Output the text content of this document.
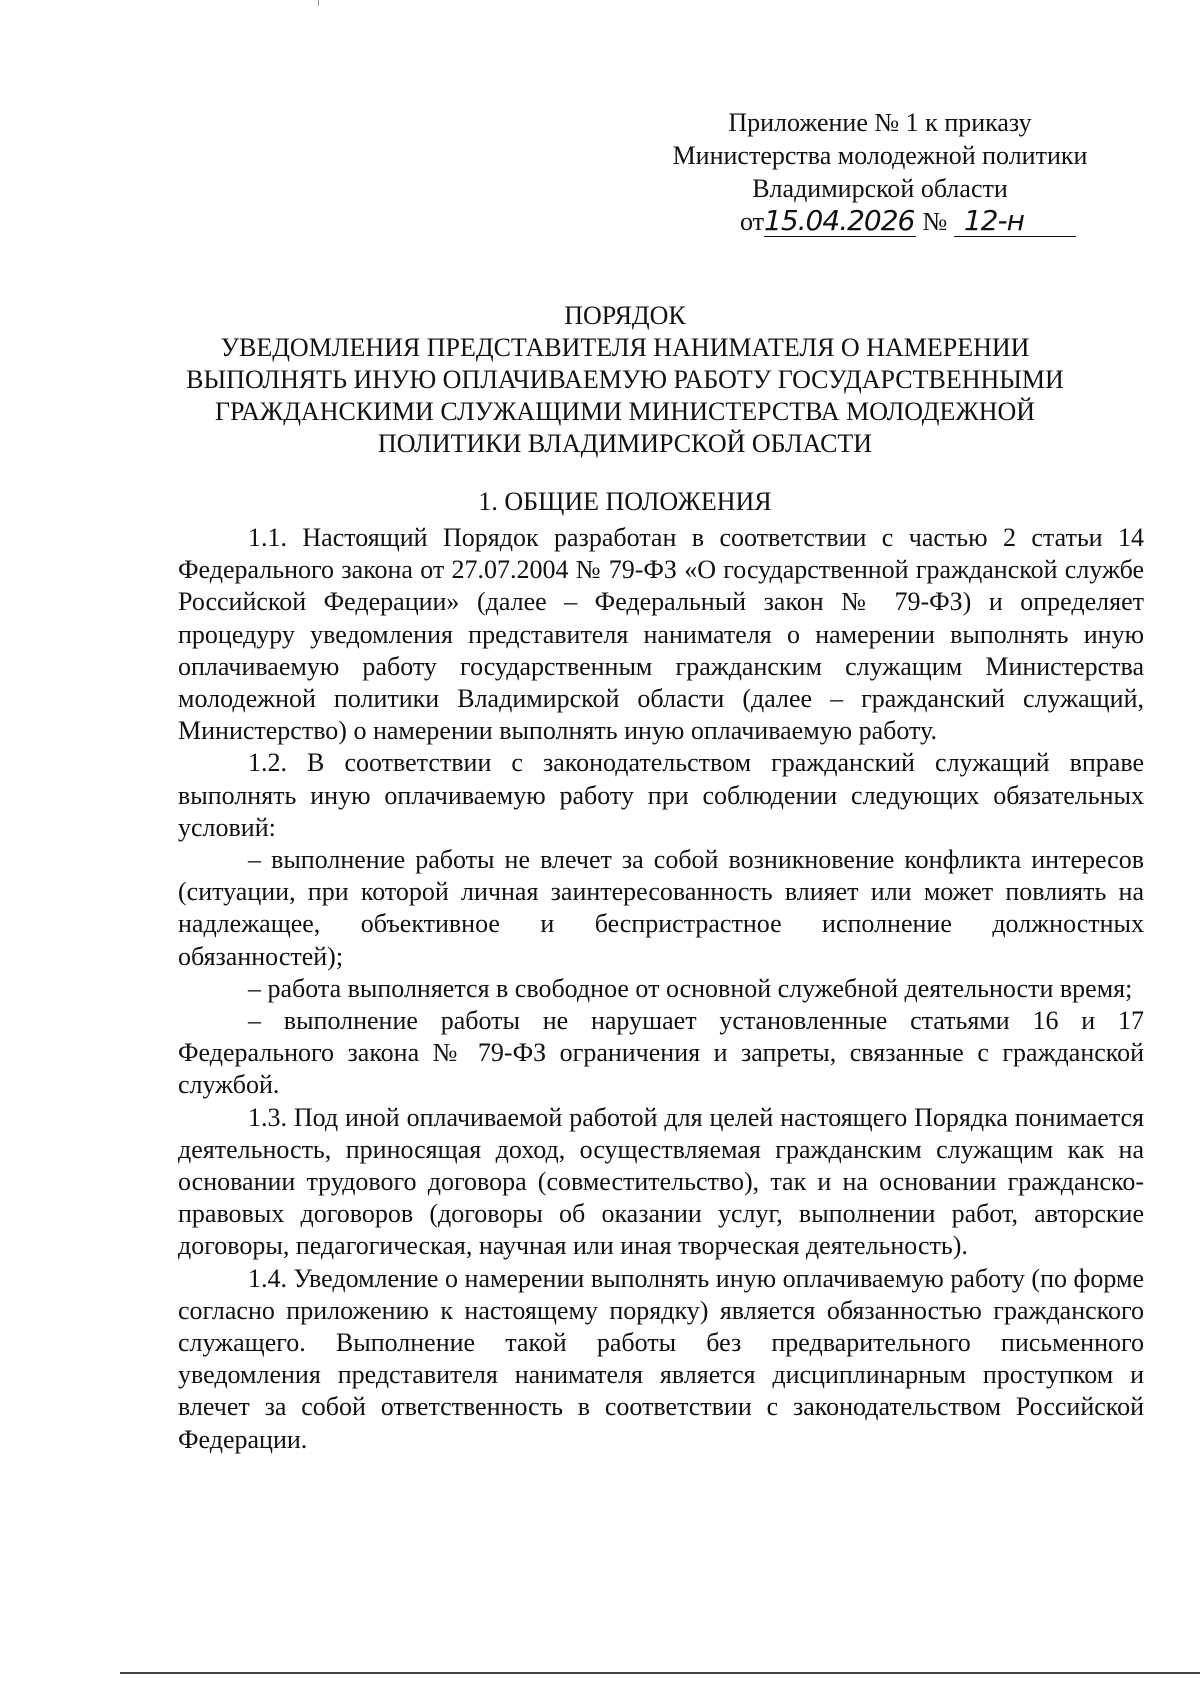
Приложение № 1 к приказу
Министерства молодежной политики
Владимирской области
от15.04.2026 № 12-н
ПОРЯДОК
УВЕДОМЛЕНИЯ ПРЕДСТАВИТЕЛЯ НАНИМАТЕЛЯ О НАМЕРЕНИИ
ВЫПОЛНЯТЬ ИНУЮ ОПЛАЧИВАЕМУЮ РАБОТУ ГОСУДАРСТВЕННЫМИ
ГРАЖДАНСКИМИ СЛУЖАЩИМИ МИНИСТЕРСТВА МОЛОДЕЖНОЙ
ПОЛИТИКИ ВЛАДИМИРСКОЙ ОБЛАСТИ
1. ОБЩИЕ ПОЛОЖЕНИЯ

1.1. Настоящий Порядок разработан в соответствии с частью 2 статьи 14 Федерального закона от 27.07.2004 № 79-ФЗ «О государственной гражданской службе Российской Федерации» (далее – Федеральный закон № 79-ФЗ) и определяет процедуру уведомления представителя нанимателя о намерении выполнять иную оплачиваемую работу государственным гражданским служащим Министерства молодежной политики Владимирской области (далее – гражданский служащий, Министерство) о намерении выполнять иную оплачиваемую работу.

1.2. В соответствии с законодательством гражданский служащий вправе выполнять иную оплачиваемую работу при соблюдении следующих обязательных условий:

– выполнение работы не влечет за собой возникновение конфликта интересов (ситуации, при которой личная заинтересованность влияет или может повлиять на надлежащее, объективное и беспристрастное исполнение должностных обязанностей);

– работа выполняется в свободное от основной служебной деятельности время;

– выполнение работы не нарушает установленные статьями 16 и 17 Федерального закона № 79-ФЗ ограничения и запреты, связанные с гражданской службой.

1.3. Под иной оплачиваемой работой для целей настоящего Порядка понимается деятельность, приносящая доход, осуществляемая гражданским служащим как на основании трудового договора (совместительство), так и на основании гражданско-правовых договоров (договоры об оказании услуг, выполнении работ, авторские договоры, педагогическая, научная или иная творческая деятельность).

1.4. Уведомление о намерении выполнять иную оплачиваемую работу (по форме согласно приложению к настоящему порядку) является обязанностью гражданского служащего. Выполнение такой работы без предварительного письменного уведомления представителя нанимателя является дисциплинарным проступком и влечет за собой ответственность в соответствии с законодательством Российской Федерации.
